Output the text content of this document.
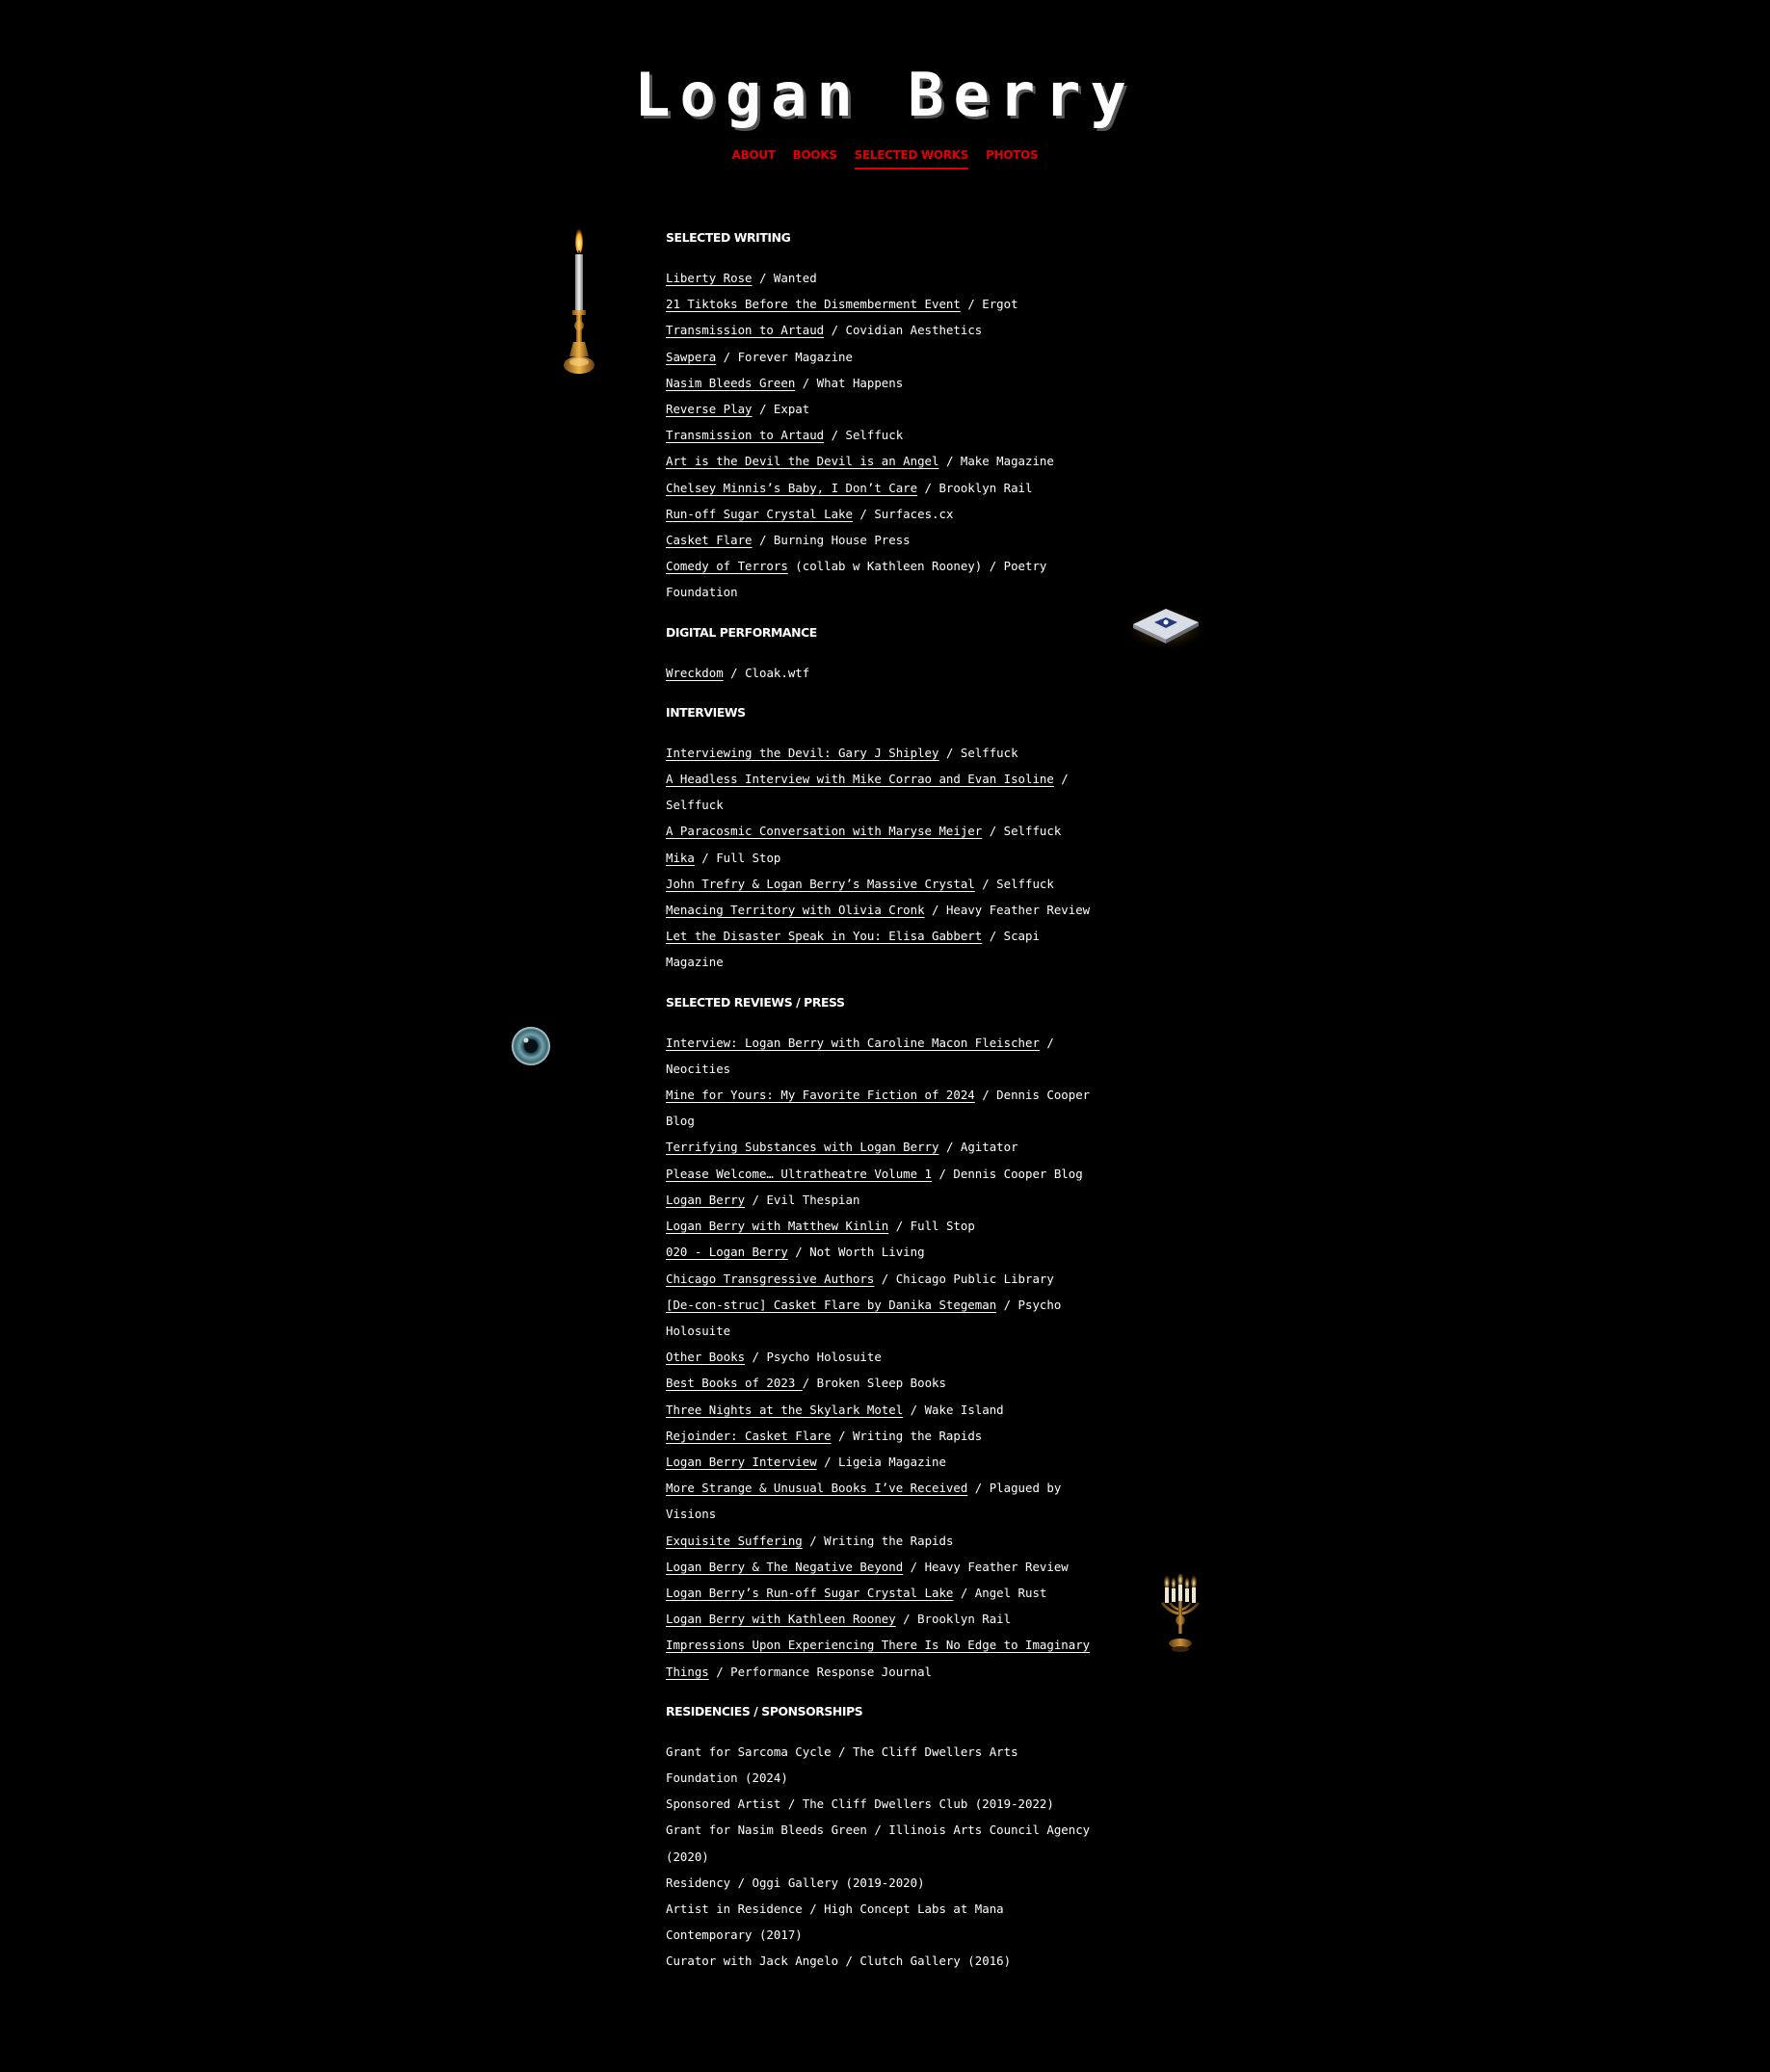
Logan Berry
ABOUT BOOKS SELECTED WORKS PHOTOS
SELECTED WRITING
Liberty Rose / Wanted
21 Tiktoks Before the Dismemberment Event / Ergot
Transmission to Artaud / Covidian Aesthetics
Sawpera / Forever Magazine
Nasim Bleeds Green / What Happens
Reverse Play / Expat
Transmission to Artaud / Selffuck
Art is the Devil the Devil is an Angel / Make Magazine
Chelsey Minnis’s Baby, I Don’t Care / Brooklyn Rail
Run-off Sugar Crystal Lake / Surfaces.cx
Casket Flare / Burning House Press
Comedy of Terrors (collab w Kathleen Rooney) / Poetry Foundation
DIGITAL PERFORMANCE
Wreckdom / Cloak.wtf
INTERVIEWS
Interviewing the Devil: Gary J Shipley / Selffuck
A Headless Interview with Mike Corrao and Evan Isoline / Selffuck
A Paracosmic Conversation with Maryse Meijer / Selffuck
Mika / Full Stop
John Trefry & Logan Berry’s Massive Crystal / Selffuck
Menacing Territory with Olivia Cronk / Heavy Feather Review
Let the Disaster Speak in You: Elisa Gabbert / Scapi Magazine
SELECTED REVIEWS / PRESS
Interview: Logan Berry with Caroline Macon Fleischer / Neocities
Mine for Yours: My Favorite Fiction of 2024 / Dennis Cooper Blog
Terrifying Substances with Logan Berry / Agitator
Please Welcome… Ultratheatre Volume 1 / Dennis Cooper Blog
Logan Berry / Evil Thespian
Logan Berry with Matthew Kinlin / Full Stop
020 - Logan Berry / Not Worth Living
Chicago Transgressive Authors / Chicago Public Library
[De-con-struc] Casket Flare by Danika Stegeman / Psycho Holosuite
Other Books / Psycho Holosuite
Best Books of 2023 / Broken Sleep Books
Three Nights at the Skylark Motel / Wake Island
Rejoinder: Casket Flare / Writing the Rapids
Logan Berry Interview / Ligeia Magazine
More Strange & Unusual Books I’ve Received / Plagued by Visions
Exquisite Suffering / Writing the Rapids
Logan Berry & The Negative Beyond / Heavy Feather Review
Logan Berry’s Run-off Sugar Crystal Lake / Angel Rust
Logan Berry with Kathleen Rooney / Brooklyn Rail
Impressions Upon Experiencing There Is No Edge to Imaginary Things / Performance Response Journal
RESIDENCIES / SPONSORSHIPS
Grant for Sarcoma Cycle / The Cliff Dwellers Arts Foundation (2024)
Sponsored Artist / The Cliff Dwellers Club (2019-2022)
Grant for Nasim Bleeds Green / Illinois Arts Council Agency (2020)
Residency / Oggi Gallery (2019-2020)
Artist in Residence / High Concept Labs at Mana Contemporary (2017)
Curator with Jack Angelo / Clutch Gallery (2016)
